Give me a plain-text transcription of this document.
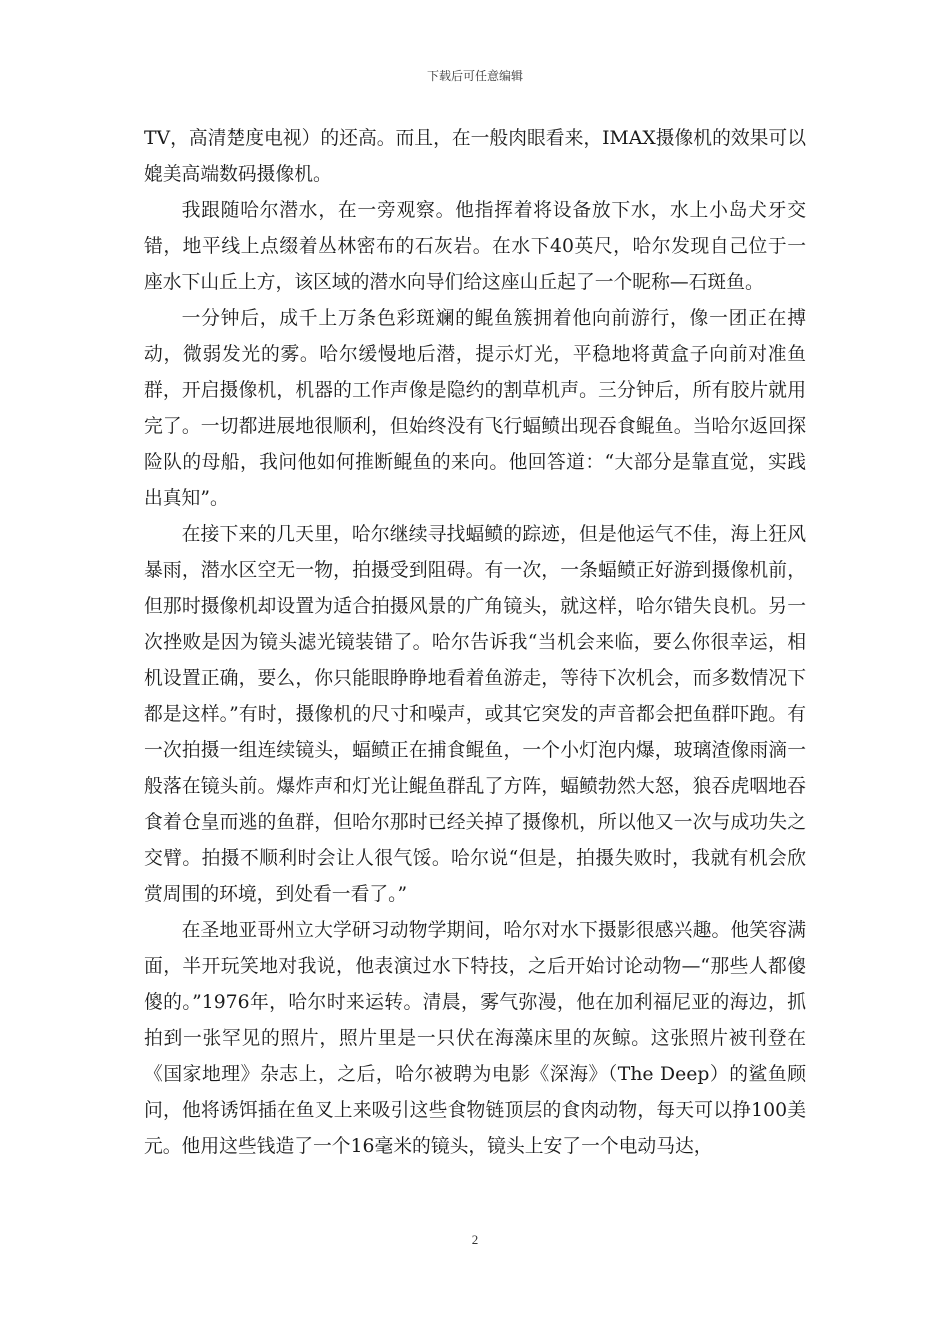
下载后可任意编辑

TV，高清楚度电视）的还高。而且，在一般肉眼看来，IMAX摄像机的效果可以媲美高端数码摄像机。

我跟随哈尔潜水，在一旁观察。他指挥着将设备放下水，水上小岛犬牙交错，地平线上点缀着丛林密布的石灰岩。在水下40英尺，哈尔发现自己位于一座水下山丘上方，该区域的潜水向导们给这座山丘起了一个昵称—石斑鱼。

一分钟后，成千上万条色彩斑斓的鲲鱼簇拥着他向前游行，像一团正在搏动，微弱发光的雾。哈尔缓慢地后潜，提示灯光，平稳地将黄盒子向前对准鱼群，开启摄像机，机器的工作声像是隐约的割草机声。三分钟后，所有胶片就用完了。一切都进展地很顺利，但始终没有飞行蝠鲼出现吞食鲲鱼。当哈尔返回探险队的母船，我问他如何推断鲲鱼的来向。他回答道：“大部分是靠直觉，实践出真知”。

在接下来的几天里，哈尔继续寻找蝠鲼的踪迹，但是他运气不佳，海上狂风暴雨，潜水区空无一物，拍摄受到阻碍。有一次，一条蝠鲼正好游到摄像机前，但那时摄像机却设置为适合拍摄风景的广角镜头，就这样，哈尔错失良机。另一次挫败是因为镜头滤光镜装错了。哈尔告诉我“当机会来临，要么你很幸运，相机设置正确，要么，你只能眼睁睁地看着鱼游走，等待下次机会，而多数情况下都是这样。”有时，摄像机的尺寸和噪声，或其它突发的声音都会把鱼群吓跑。有一次拍摄一组连续镜头，蝠鲼正在捕食鲲鱼，一个小灯泡内爆，玻璃渣像雨滴一般落在镜头前。爆炸声和灯光让鲲鱼群乱了方阵，蝠鲼勃然大怒，狼吞虎咽地吞食着仓皇而逃的鱼群，但哈尔那时已经关掉了摄像机，所以他又一次与成功失之交臂。拍摄不顺利时会让人很气馁。哈尔说“但是，拍摄失败时，我就有机会欣赏周围的环境，到处看一看了。”

在圣地亚哥州立大学研习动物学期间，哈尔对水下摄影很感兴趣。他笑容满面，半开玩笑地对我说，他表演过水下特技，之后开始讨论动物—“那些人都傻傻的。”1976年，哈尔时来运转。清晨，雾气弥漫，他在加利福尼亚的海边，抓拍到一张罕见的照片，照片里是一只伏在海藻床里的灰鲸。这张照片被刊登在《国家地理》杂志上，之后，哈尔被聘为电影《深海》（The Deep）的鲨鱼顾问，他将诱饵插在鱼叉上来吸引这些食物链顶层的食肉动物，每天可以挣100美元。他用这些钱造了一个16毫米的镜头，镜头上安了一个电动马达，

2
